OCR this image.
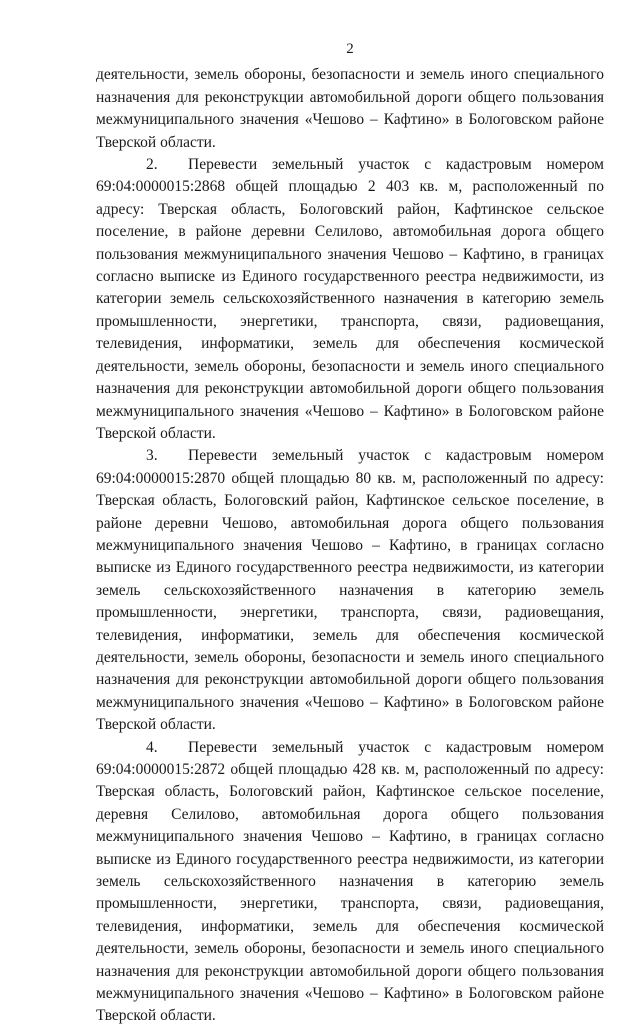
2

деятельности, земель обороны, безопасности и земель иного специального назначения для реконструкции автомобильной дороги общего пользования межмуниципального значения «Чешово – Кафтино» в Бологовском районе Тверской области.

2. Перевести земельный участок с кадастровым номером 69:04:0000015:2868 общей площадью 2 403 кв. м, расположенный по адресу: Тверская область, Бологовский район, Кафтинское сельское поселение, в районе деревни Селилово, автомобильная дорога общего пользования межмуниципального значения Чешово – Кафтино, в границах согласно выписке из Единого государственного реестра недвижимости, из категории земель сельскохозяйственного назначения в категорию земель промышленности, энергетики, транспорта, связи, радиовещания, телевидения, информатики, земель для обеспечения космической деятельности, земель обороны, безопасности и земель иного специального назначения для реконструкции автомобильной дороги общего пользования межмуниципального значения «Чешово – Кафтино» в Бологовском районе Тверской области.

3. Перевести земельный участок с кадастровым номером 69:04:0000015:2870 общей площадью 80 кв. м, расположенный по адресу: Тверская область, Бологовский район, Кафтинское сельское поселение, в районе деревни Чешово, автомобильная дорога общего пользования межмуниципального значения Чешово – Кафтино, в границах согласно выписке из Единого государственного реестра недвижимости, из категории земель сельскохозяйственного назначения в категорию земель промышленности, энергетики, транспорта, связи, радиовещания, телевидения, информатики, земель для обеспечения космической деятельности, земель обороны, безопасности и земель иного специального назначения для реконструкции автомобильной дороги общего пользования межмуниципального значения «Чешово – Кафтино» в Бологовском районе Тверской области.

4. Перевести земельный участок с кадастровым номером 69:04:0000015:2872 общей площадью 428 кв. м, расположенный по адресу: Тверская область, Бологовский район, Кафтинское сельское поселение, деревня Селилово, автомобильная дорога общего пользования межмуниципального значения Чешово – Кафтино, в границах согласно выписке из Единого государственного реестра недвижимости, из категории земель сельскохозяйственного назначения в категорию земель промышленности, энергетики, транспорта, связи, радиовещания, телевидения, информатики, земель для обеспечения космической деятельности, земель обороны, безопасности и земель иного специального назначения для реконструкции автомобильной дороги общего пользования межмуниципального значения «Чешово – Кафтино» в Бологовском районе Тверской области.
